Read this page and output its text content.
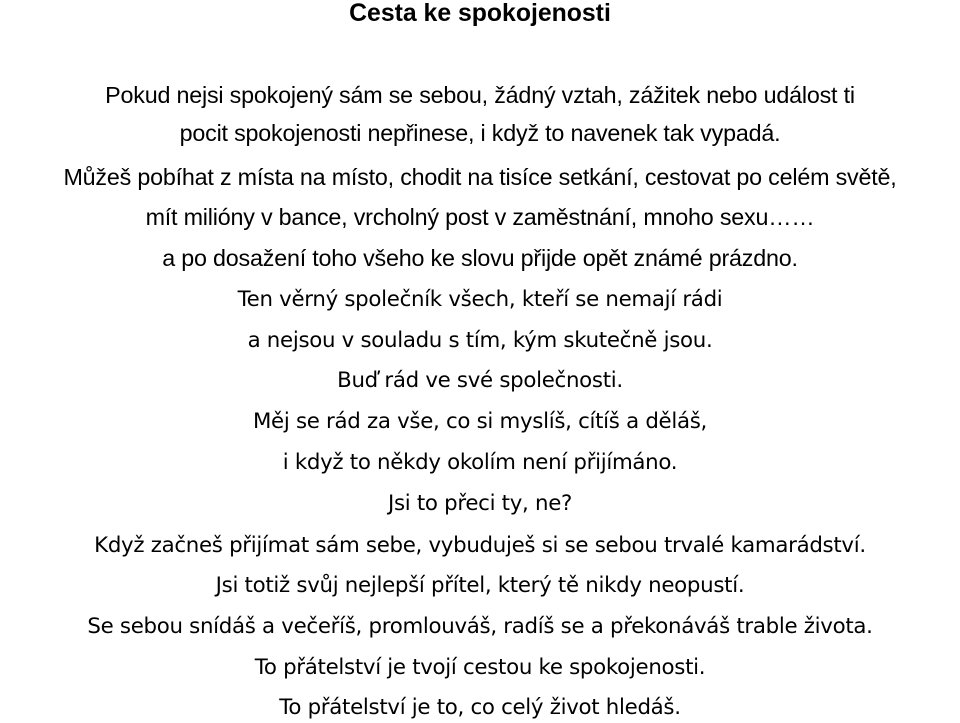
Cesta ke spokojenosti
Pokud nejsi spokojený sám se sebou, žádný vztah, zážitek nebo událost ti
pocit spokojenosti nepřinese, i když to navenek tak vypadá.
Můžeš pobíhat z místa na místo, chodit na tisíce setkání, cestovat po celém světě,
mít milióny v bance, vrcholný post v zaměstnání, mnoho sexu……
a po dosažení toho všeho ke slovu přijde opět známé prázdno.
Ten věrný společník všech, kteří se nemají rádi
a nejsou v souladu s tím, kým skutečně jsou.
Buď rád ve své společnosti.
Měj se rád za vše, co si myslíš, cítíš a děláš,
i když to někdy okolím není přijímáno.
Jsi to přeci ty, ne?
Když začneš přijímat sám sebe, vybuduješ si se sebou trvalé kamarádství.
Jsi totiž svůj nejlepší přítel, který tě nikdy neopustí.
Se sebou snídáš a večeříš, promlouváš, radíš se a překonáváš trable života.
To přátelství je tvojí cestou ke spokojenosti.
To přátelství je to, co celý život hledáš.
